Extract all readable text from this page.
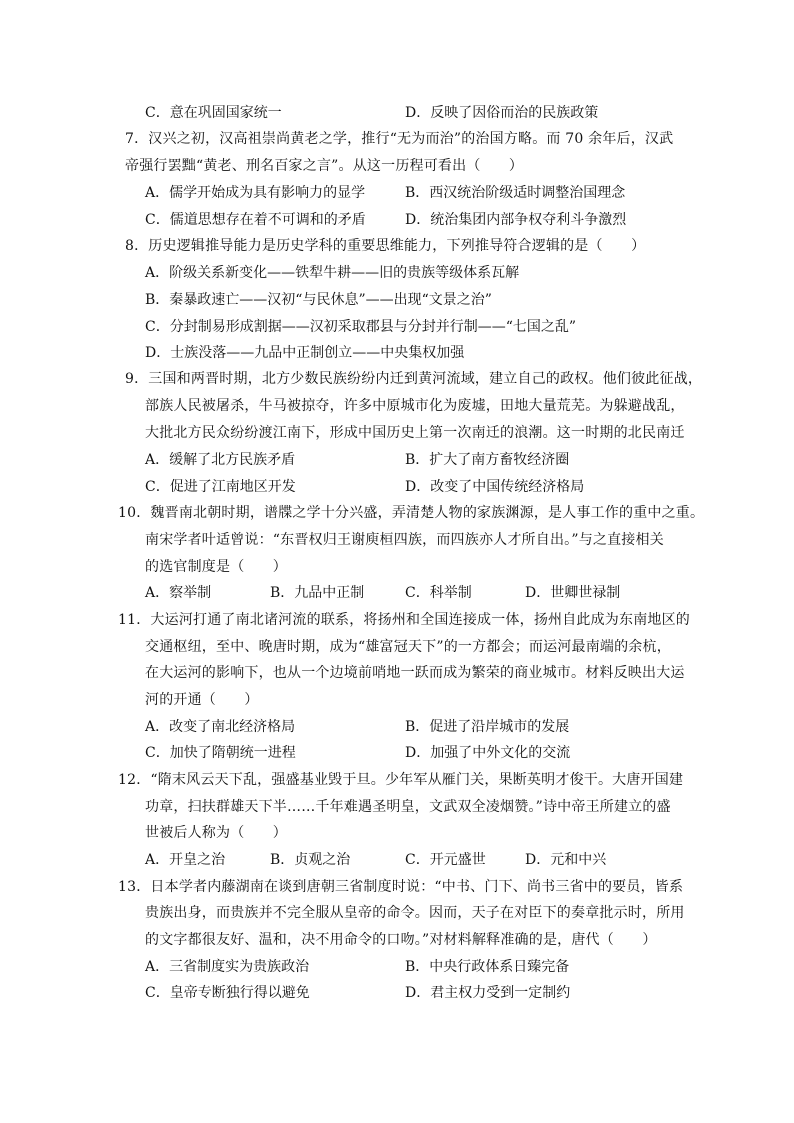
C．意在巩固国家统一	D．反映了因俗而治的民族政策
7．汉兴之初，汉高祖崇尚黄老之学，推行“无为而治”的治国方略。而 70 余年后，汉武
帝强行罢黜“黄老、刑名百家之言”。从这一历程可看出（　　）
A．儒学开始成为具有影响力的显学	B．西汉统治阶级适时调整治国理念
C．儒道思想存在着不可调和的矛盾	D．统治集团内部争权夺利斗争激烈
8．历史逻辑推导能力是历史学科的重要思维能力，下列推导符合逻辑的是（　　）
A．阶级关系新变化——铁犁牛耕——旧的贵族等级体系瓦解
B．秦暴政速亡——汉初“与民休息”——出现“文景之治”
C．分封制易形成割据——汉初采取郡县与分封并行制——“七国之乱”
D．士族没落——九品中正制创立——中央集权加强
9．三国和两晋时期，北方少数民族纷纷内迁到黄河流域，建立自己的政权。他们彼此征战，
部族人民被屠杀，牛马被掠夺，许多中原城市化为废墟，田地大量荒芜。为躲避战乱，
大批北方民众纷纷渡江南下，形成中国历史上第一次南迁的浪潮。这一时期的北民南迁
A．缓解了北方民族矛盾	B．扩大了南方畜牧经济圈
C．促进了江南地区开发	D．改变了中国传统经济格局
10．魏晋南北朝时期，谱牒之学十分兴盛，弄清楚人物的家族渊源，是人事工作的重中之重。
南宋学者叶适曾说：“东晋权归王谢庾桓四族，而四族亦人才所自出。”与之直接相关
的选官制度是（　　）
A．察举制	B．九品中正制	C．科举制	D．世卿世禄制
11．大运河打通了南北诸河流的联系，将扬州和全国连接成一体，扬州自此成为东南地区的
交通枢纽，至中、晚唐时期，成为“雄富冠天下”的一方都会；而运河最南端的余杭，
在大运河的影响下，也从一个边境前哨地一跃而成为繁荣的商业城市。材料反映出大运
河的开通（　　）
A．改变了南北经济格局	B．促进了沿岸城市的发展
C．加快了隋朝统一进程	D．加强了中外文化的交流
12．“隋末风云天下乱，强盛基业毁于旦。少年军从雁门关，果断英明才俊干。大唐开国建
功章，扫扶群雄天下半……千年难遇圣明皇，文武双全凌烟赞。”诗中帝王所建立的盛
世被后人称为（　　）
A．开皇之治	B．贞观之治	C．开元盛世	D．元和中兴
13．日本学者内藤湖南在谈到唐朝三省制度时说：“中书、门下、尚书三省中的要员，皆系
贵族出身，而贵族并不完全服从皇帝的命令。因而，天子在对臣下的奏章批示时，所用
的文字都很友好、温和，决不用命令的口吻。”对材料解释准确的是，唐代（　　）
A．三省制度实为贵族政治	B．中央行政体系日臻完备
C．皇帝专断独行得以避免	D．君主权力受到一定制约
